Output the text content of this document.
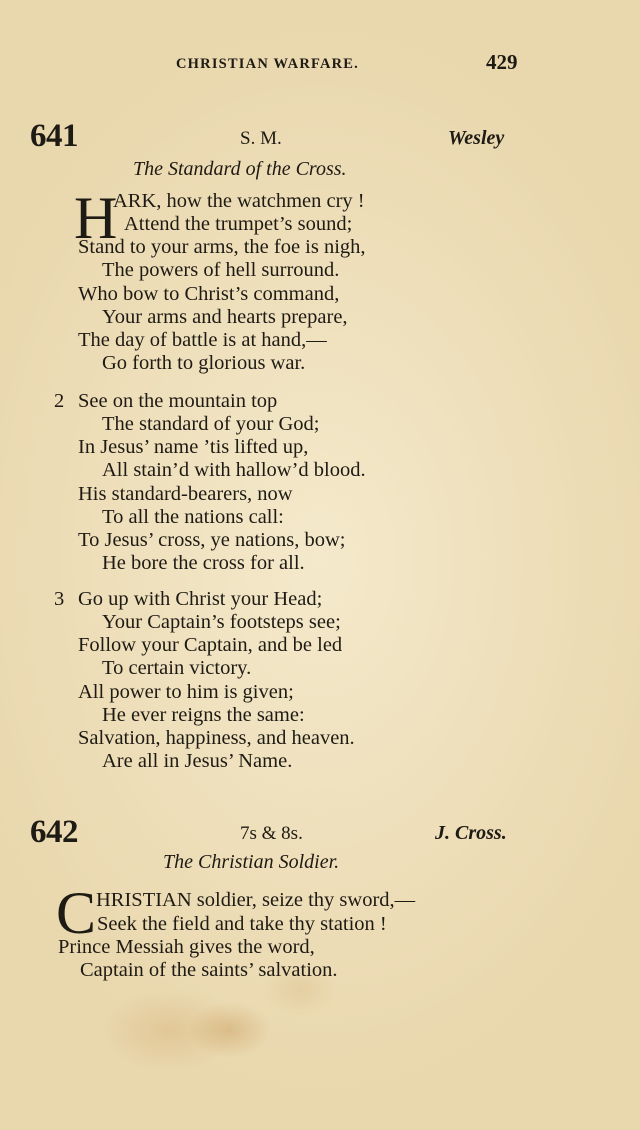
CHRISTIAN WARFARE.	429
641	S. M.	Wesley
The Standard of the Cross.
H
ARK, how the watchmen cry !
Attend the trumpet’s sound;
Stand to your arms, the foe is nigh,
The powers of hell surround.
Who bow to Christ’s command,
Your arms and hearts prepare,
The day of battle is at hand,—
Go forth to glorious war.
2 See on the mountain top
The standard of your God;
In Jesus’ name ’tis lifted up,
All stain’d with hallow’d blood.
His standard-bearers, now
To all the nations call:
To Jesus’ cross, ye nations, bow;
He bore the cross for all.
3 Go up with Christ your Head;
Your Captain’s footsteps see;
Follow your Captain, and be led
To certain victory.
All power to him is given;
He ever reigns the same:
Salvation, happiness, and heaven.
Are all in Jesus’ Name.
642	7s & 8s.	J. Cross.
The Christian Soldier.
C HRISTIAN soldier, seize thy sword,—
Seek the field and take thy station !
Prince Messiah gives the word,
Captain of the saints’ salvation.
